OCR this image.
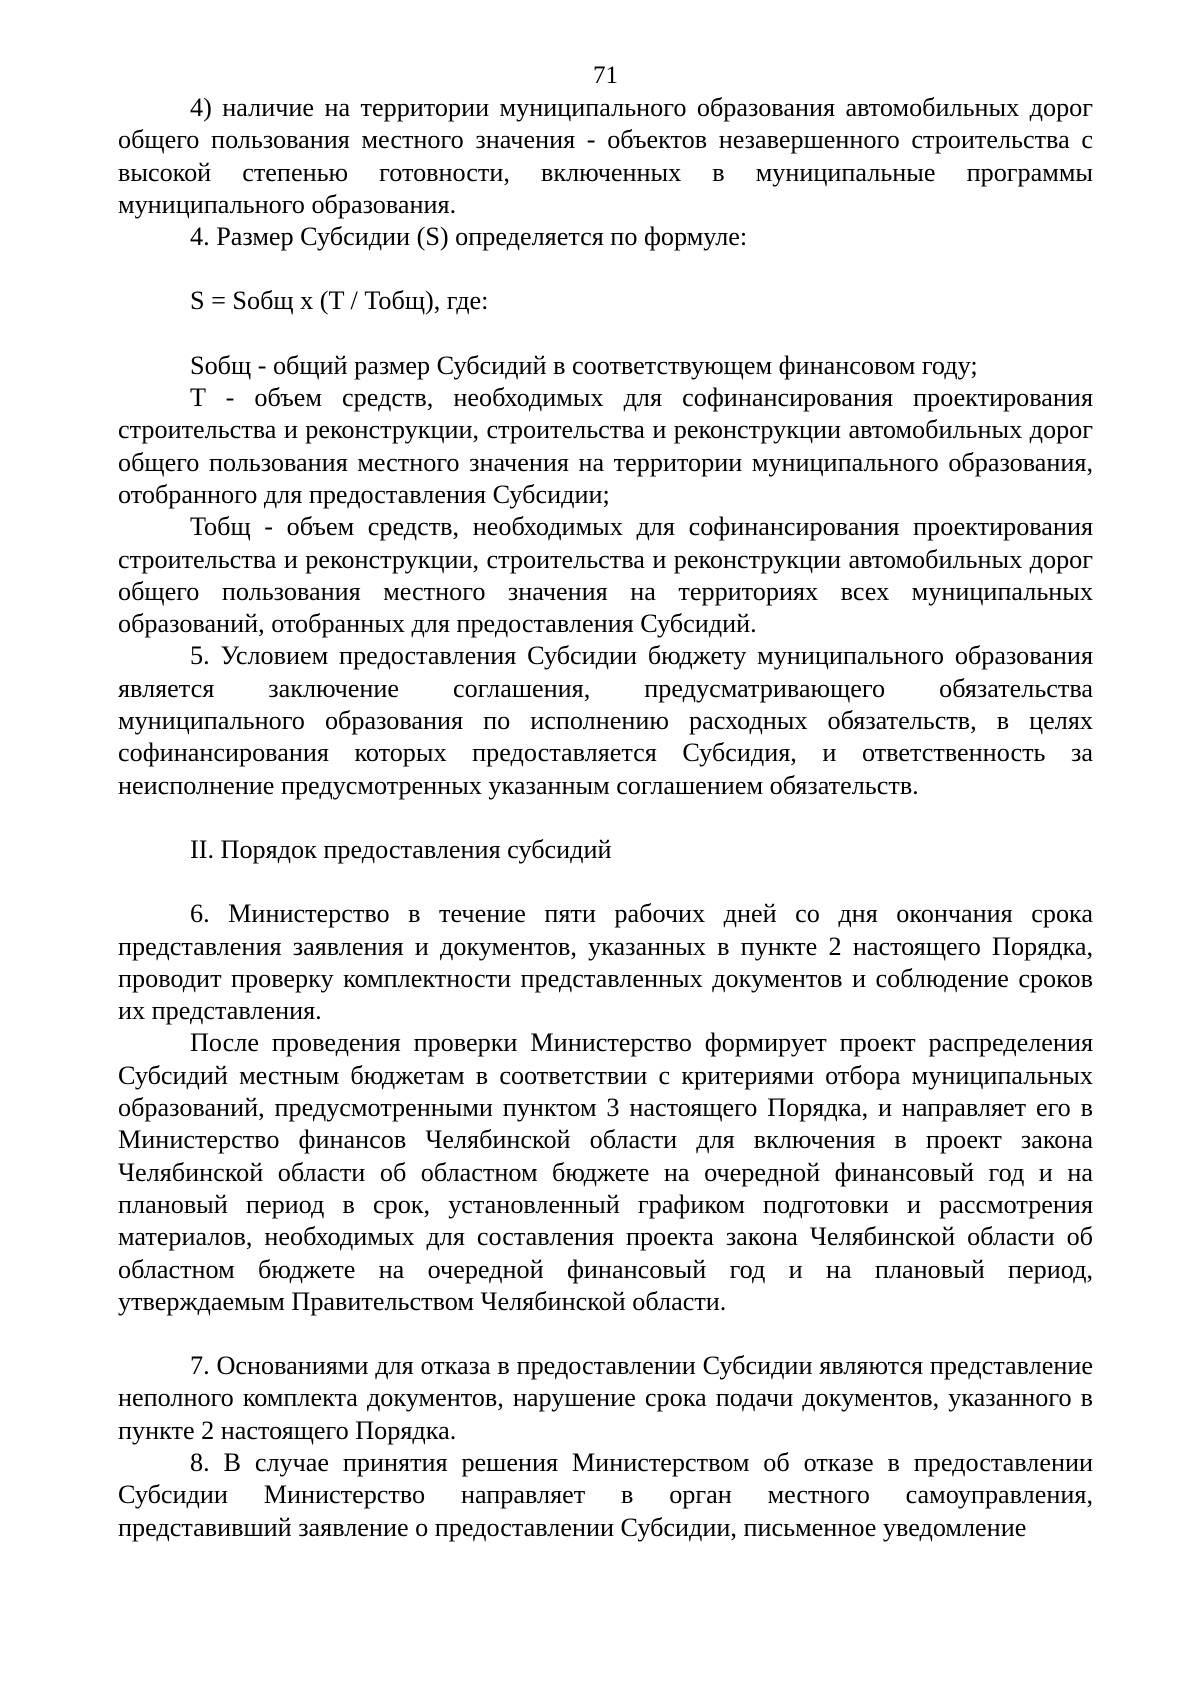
71

4) наличие на территории муниципального образования автомобильных дорог общего пользования местного значения - объектов незавершенного строительства с высокой степенью готовности, включенных в муниципальные программы муниципального образования.

4. Размер Субсидии (S) определяется по формуле:

S = Sобщ x (T / Тобщ), где:

Sобщ - общий размер Субсидий в соответствующем финансовом году;

T - объем средств, необходимых для софинансирования проектирования строительства и реконструкции, строительства и реконструкции автомобильных дорог общего пользования местного значения на территории муниципального образования, отобранного для предоставления Субсидии;

Тобщ - объем средств, необходимых для софинансирования проектирования строительства и реконструкции, строительства и реконструкции автомобильных дорог общего пользования местного значения на территориях всех муниципальных образований, отобранных для предоставления Субсидий.

5. Условием предоставления Субсидии бюджету муниципального образования является заключение соглашения, предусматривающего обязательства муниципального образования по исполнению расходных обязательств, в целях софинансирования которых предоставляется Субсидия, и ответственность за неисполнение предусмотренных указанным соглашением обязательств.

II. Порядок предоставления субсидий

6. Министерство в течение пяти рабочих дней со дня окончания срока представления заявления и документов, указанных в пункте 2 настоящего Порядка, проводит проверку комплектности представленных документов и соблюдение сроков их представления.

После проведения проверки Министерство формирует проект распределения Субсидий местным бюджетам в соответствии с критериями отбора муниципальных образований, предусмотренными пунктом 3 настоящего Порядка, и направляет его в Министерство финансов Челябинской области для включения в проект закона Челябинской области об областном бюджете на очередной финансовый год и на плановый период в срок, установленный графиком подготовки и рассмотрения материалов, необходимых для составления проекта закона Челябинской области об областном бюджете на очередной финансовый год и на плановый период, утверждаемым Правительством Челябинской области.

7. Основаниями для отказа в предоставлении Субсидии являются представление неполного комплекта документов, нарушение срока подачи документов, указанного в пункте 2 настоящего Порядка.

8. В случае принятия решения Министерством об отказе в предоставлении Субсидии Министерство направляет в орган местного самоуправления, представивший заявление о предоставлении Субсидии, письменное уведомление
